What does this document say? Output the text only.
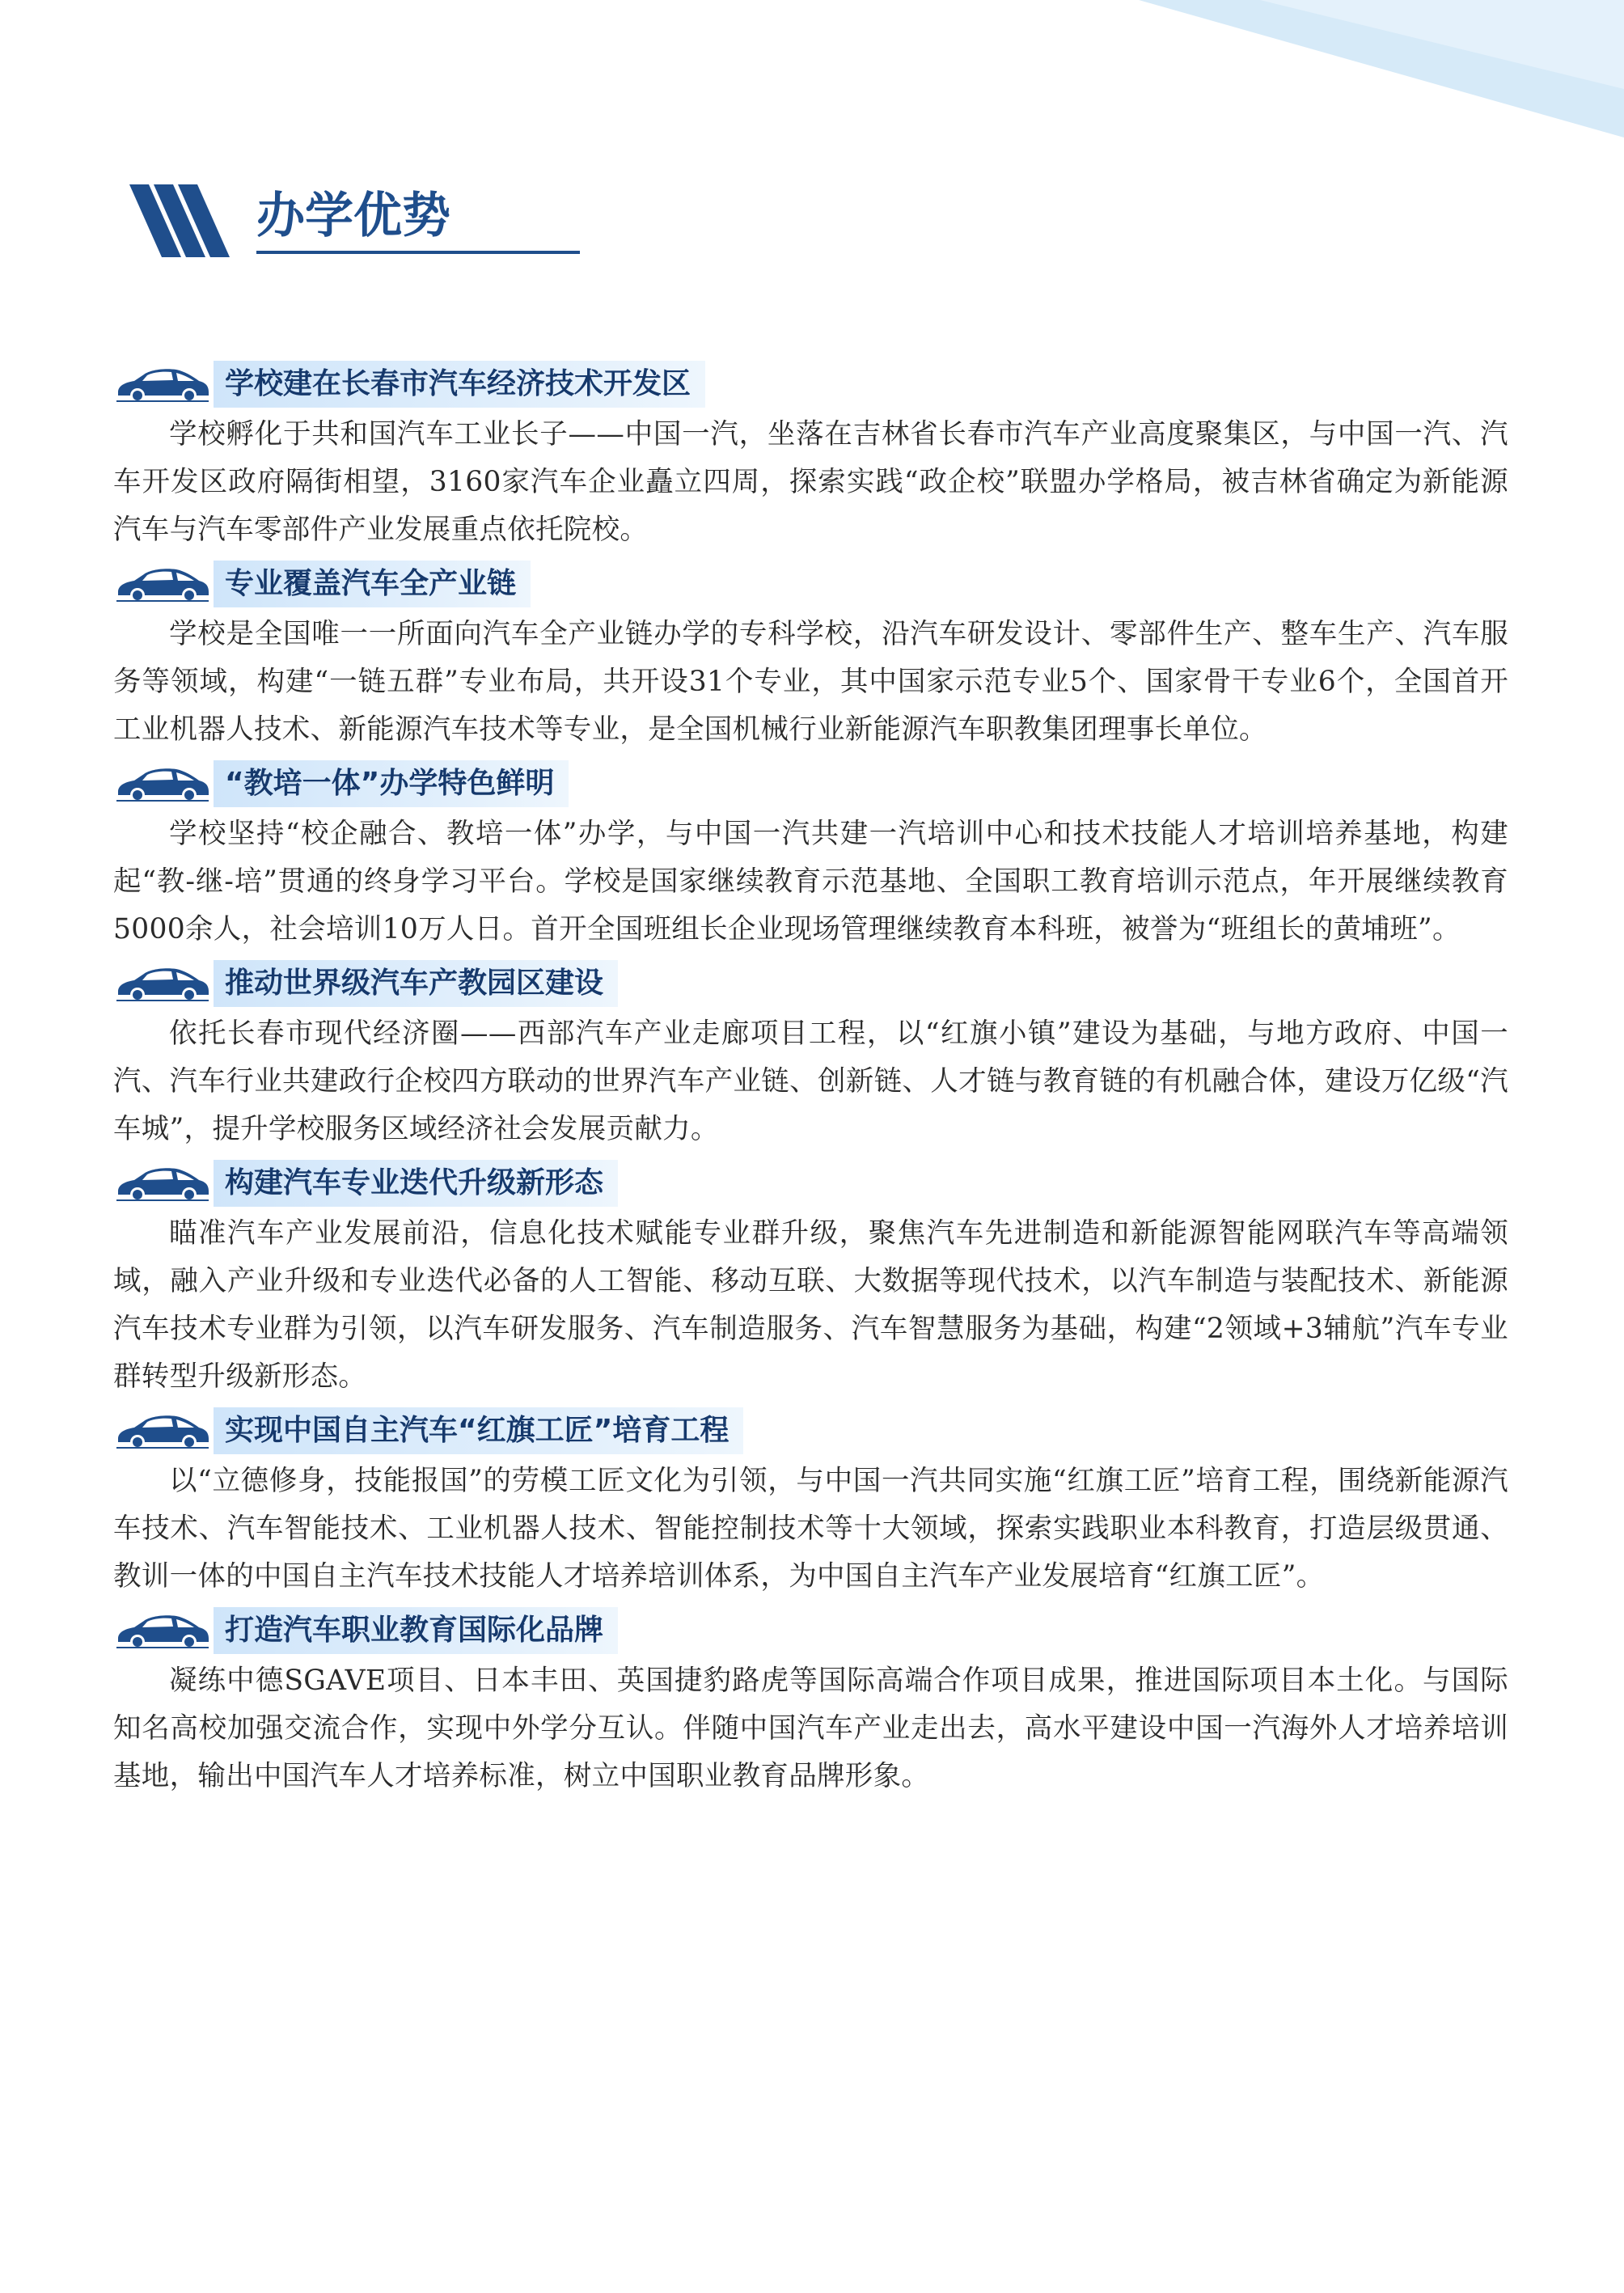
办学优势
学校建在长春市汽车经济技术开发区

学校孵化于共和国汽车工业长子——中国一汽，坐落在吉林省长春市汽车产业高度聚集区，与中国一汽、汽车开发区政府隔街相望，3160家汽车企业矗立四周，探索实践“政企校”联盟办学格局，被吉林省确定为新能源汽车与汽车零部件产业发展重点依托院校。

专业覆盖汽车全产业链

学校是全国唯一一所面向汽车全产业链办学的专科学校，沿汽车研发设计、零部件生产、整车生产、汽车服务等领域，构建“一链五群”专业布局，共开设31个专业，其中国家示范专业5个、国家骨干专业6个，全国首开工业机器人技术、新能源汽车技术等专业，是全国机械行业新能源汽车职教集团理事长单位。

“教培一体”办学特色鲜明

学校坚持“校企融合、教培一体”办学，与中国一汽共建一汽培训中心和技术技能人才培训培养基地，构建起“教-继-培”贯通的终身学习平台。学校是国家继续教育示范基地、全国职工教育培训示范点，年开展继续教育5000余人，社会培训10万人日。首开全国班组长企业现场管理继续教育本科班，被誉为“班组长的黄埔班”。

推动世界级汽车产教园区建设

依托长春市现代经济圈——西部汽车产业走廊项目工程，以“红旗小镇”建设为基础，与地方政府、中国一汽、汽车行业共建政行企校四方联动的世界汽车产业链、创新链、人才链与教育链的有机融合体，建设万亿级“汽车城”，提升学校服务区域经济社会发展贡献力。

构建汽车专业迭代升级新形态

瞄准汽车产业发展前沿，信息化技术赋能专业群升级，聚焦汽车先进制造和新能源智能网联汽车等高端领域，融入产业升级和专业迭代必备的人工智能、移动互联、大数据等现代技术，以汽车制造与装配技术、新能源汽车技术专业群为引领，以汽车研发服务、汽车制造服务、汽车智慧服务为基础，构建“2领域+3辅航”汽车专业群转型升级新形态。

实现中国自主汽车“红旗工匠”培育工程

以“立德修身，技能报国”的劳模工匠文化为引领，与中国一汽共同实施“红旗工匠”培育工程，围绕新能源汽车技术、汽车智能技术、工业机器人技术、智能控制技术等十大领域，探索实践职业本科教育，打造层级贯通、教训一体的中国自主汽车技术技能人才培养培训体系，为中国自主汽车产业发展培育“红旗工匠”。

打造汽车职业教育国际化品牌

凝练中德SGAVE项目、日本丰田、英国捷豹路虎等国际高端合作项目成果，推进国际项目本土化。与国际知名高校加强交流合作，实现中外学分互认。伴随中国汽车产业走出去，高水平建设中国一汽海外人才培养培训基地，输出中国汽车人才培养标准，树立中国职业教育品牌形象。
